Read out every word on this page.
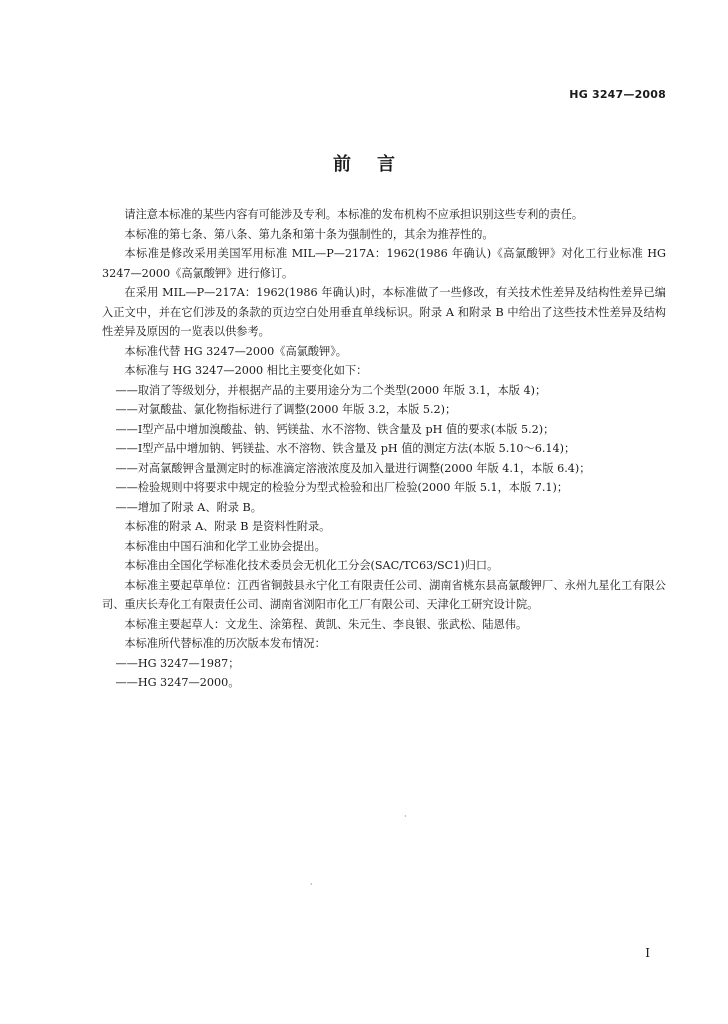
HG 3247—2008
前言

请注意本标准的某些内容有可能涉及专利。本标准的发布机构不应承担识别这些专利的责任。

本标准的第七条、第八条、第九条和第十条为强制性的，其余为推荐性的。

本标准是修改采用美国军用标准 MIL—P—217A：1962(1986 年确认)《高氯酸钾》对化工行业标准 HG 3247—2000《高氯酸钾》进行修订。

在采用 MIL—P—217A：1962(1986 年确认)时，本标准做了一些修改，有关技术性差异及结构性差异已编入正文中，并在它们涉及的条款的页边空白处用垂直单线标识。附录 A 和附录 B 中给出了这些技术性差异及结构性差异及原因的一览表以供参考。

本标准代替 HG 3247—2000《高氯酸钾》。

本标准与 HG 3247—2000 相比主要变化如下：

——取消了等级划分，并根据产品的主要用途分为二个类型(2000 年版 3.1，本版 4)；

——对氯酸盐、氯化物指标进行了调整(2000 年版 3.2，本版 5.2)；

——Ⅰ型产品中增加溴酸盐、钠、钙镁盐、水不溶物、铁含量及 pH 值的要求(本版 5.2)；

——Ⅰ型产品中增加钠、钙镁盐、水不溶物、铁含量及 pH 值的测定方法(本版 5.10～6.14)；

——对高氯酸钾含量测定时的标准滴定溶液浓度及加入量进行调整(2000 年版 4.1，本版 6.4)；

——检验规则中将要求中规定的检验分为型式检验和出厂检验(2000 年版 5.1，本版 7.1)；

——增加了附录 A、附录 B。

本标准的附录 A、附录 B 是资料性附录。

本标准由中国石油和化学工业协会提出。

本标准由全国化学标准化技术委员会无机化工分会(SAC/TC63/SC1)归口。

本标准主要起草单位：江西省铜鼓县永宁化工有限责任公司、湖南省桃东县高氯酸钾厂、永州九星化工有限公司、重庆长寿化工有限责任公司、湖南省浏阳市化工厂有限公司、天津化工研究设计院。

本标准主要起草人：文龙生、涂第程、黄凯、朱元生、李良银、张武松、陆恩伟。

本标准所代替标准的历次版本发布情况：

——HG 3247—1987；

——HG 3247—2000。

·
·
I
